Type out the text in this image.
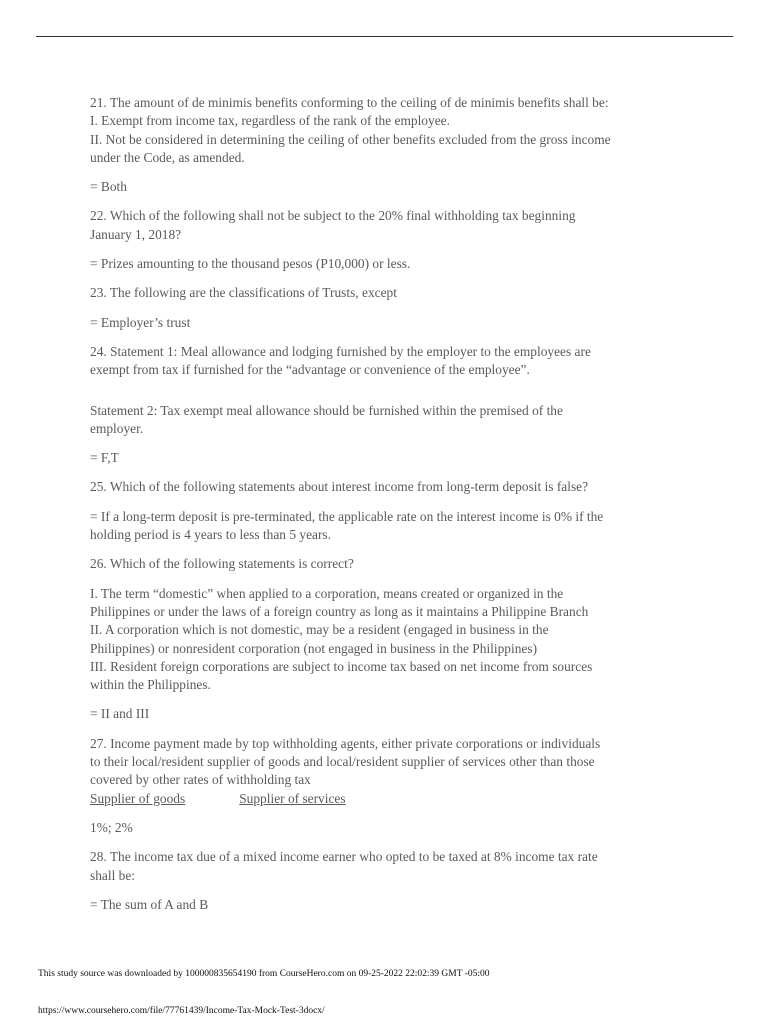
21. The amount of de minimis benefits conforming to the ceiling of de minimis benefits shall be:
I. Exempt from income tax, regardless of the rank of the employee.
II. Not be considered in determining the ceiling of other benefits excluded from the gross income
under the Code, as amended.
= Both
22. Which of the following shall not be subject to the 20% final withholding tax beginning
January 1, 2018?
= Prizes amounting to the thousand pesos (P10,000) or less.
23. The following are the classifications of Trusts, except
= Employer’s trust
24. Statement 1: Meal allowance and lodging furnished by the employer to the employees are
exempt from tax if furnished for the “advantage or convenience of the employee”.
Statement 2: Tax exempt meal allowance should be furnished within the premised of the
employer.
= F,T
25. Which of the following statements about interest income from long-term deposit is false?
= If a long-term deposit is pre-terminated, the applicable rate on the interest income is 0% if the
holding period is 4 years to less than 5 years.
26. Which of the following statements is correct?
I. The term “domestic” when applied to a corporation, means created or organized in the
Philippines or under the laws of a foreign country as long as it maintains a Philippine Branch
II. A corporation which is not domestic, may be a resident (engaged in business in the
Philippines) or nonresident corporation (not engaged in business in the Philippines)
III. Resident foreign corporations are subject to income tax based on net income from sources
within the Philippines.
= II and III
27. Income payment made by top withholding agents, either private corporations or individuals
to their local/resident supplier of goods and local/resident supplier of services other than those
covered by other rates of withholding tax
Supplier of goods	Supplier of services
1%; 2%
28. The income tax due of a mixed income earner who opted to be taxed at 8% income tax rate
shall be:
= The sum of A and B
This study source was downloaded by 100000835654190 from CourseHero.com on 09-25-2022 22:02:39 GMT -05:00
https://www.coursehero.com/file/77761439/Income-Tax-Mock-Test-3docx/
